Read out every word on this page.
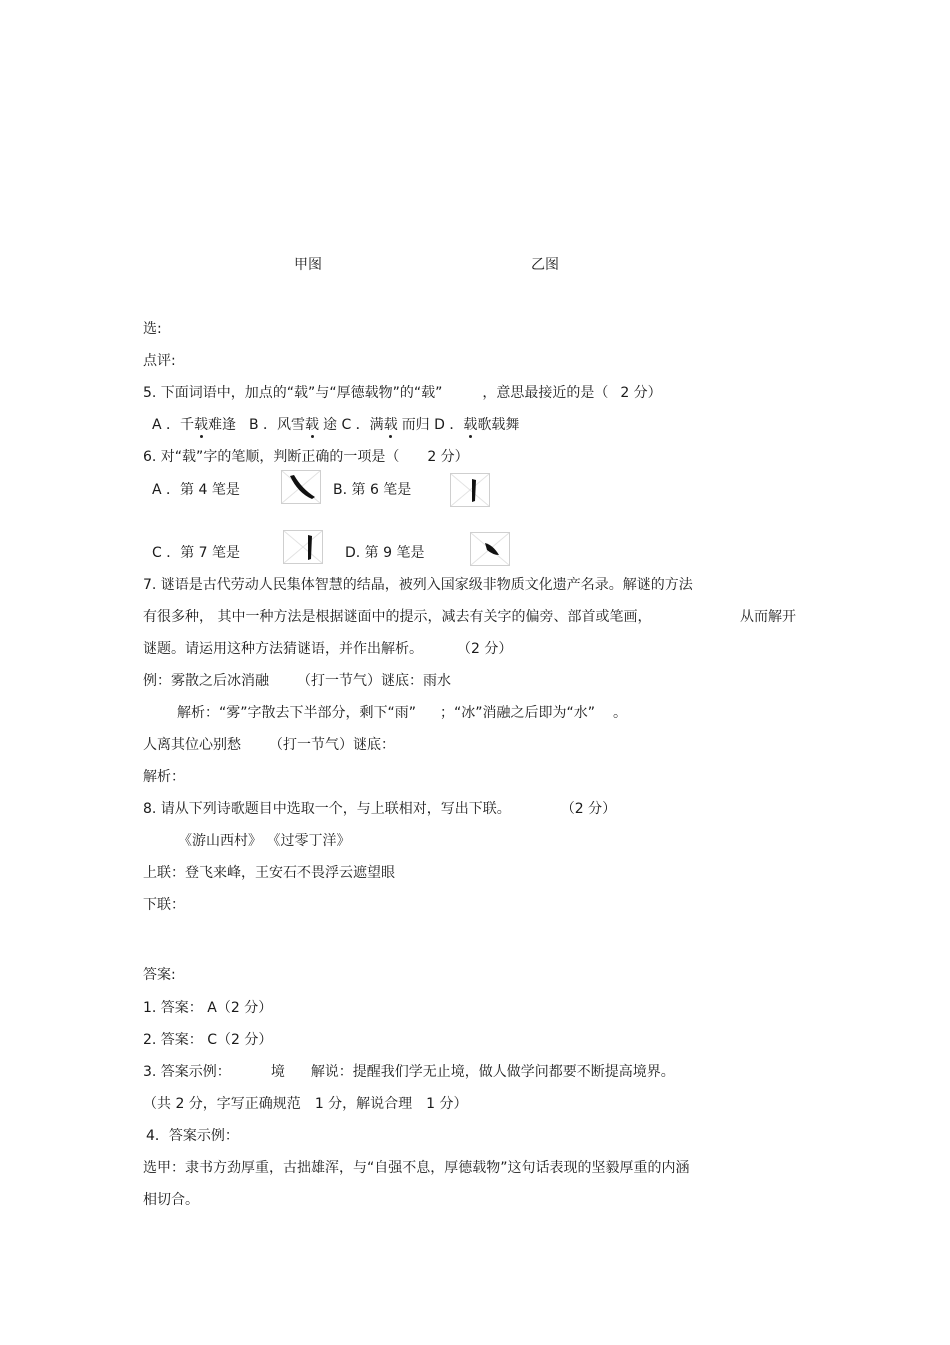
甲图	乙图
选:
点评:
5. 下面词语中，加点的“载”与“厚德载物”的“载”	，意思最接近的是（ 2 分）
A ．千载难逢 B ．风雪载 途 C ．满载 而归 D ．载歌载舞
6. 对“载”字的笔顺，判断正确的一项是（ 2 分）
A ．第 4 笔是	B. 第 6 笔是
C ．第 7 笔是	D. 第 9 笔是
7. 谜语是古代劳动人民集体智慧的结晶，被列入国家级非物质文化遗产名录。解谜的方法
有很多种， 其中一种方法是根据谜面中的提示，减去有关字的偏旁、部首或笔画，	从而解开
谜题。请运用这种方法猜谜语，并作出解析。 （2 分）
例：雾散之后冰消融 （打一节气）谜底：雨水
解析：“雾”字散去下半部分，剩下“雨” ；“冰”消融之后即为“水” 。
人离其位心别愁 （打一节气）谜底：
解析：
8. 请从下列诗歌题目中选取一个，与上联相对，写出下联。	（2 分）
《游山西村》 《过零丁洋》
上联：登飞来峰，王安石不畏浮云遮望眼
下联：
答案:
1. 答案： A（2 分）
2. 答案： C（2 分）
3. 答案示例：	境 解说：提醒我们学无止境，做人做学问都要不断提高境界。
（共 2 分，字写正确规范 1 分，解说合理 1 分）
4．答案示例：
选甲：隶书方劲厚重，古拙雄浑，与“自强不息，厚德载物”这句话表现的坚毅厚重的内涵
相切合。
